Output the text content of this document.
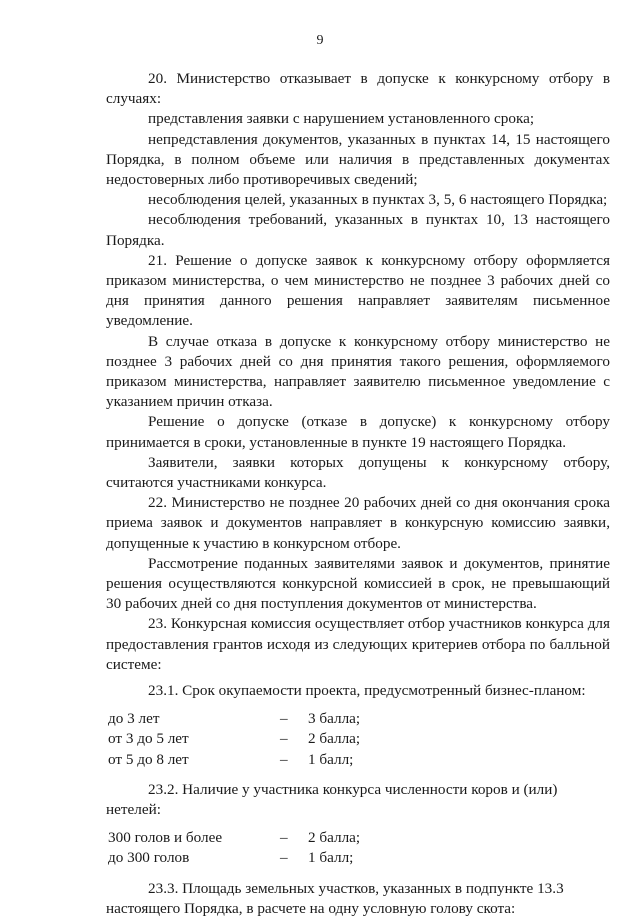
9

20. Министерство отказывает в допуске к конкурсному отбору в случаях:

представления заявки с нарушением установленного срока;

непредставления документов, указанных в пунктах 14, 15 настоящего Порядка, в полном объеме или наличия в представленных документах недостоверных либо противоречивых сведений;

несоблюдения целей, указанных в пунктах 3, 5, 6 настоящего Порядка;

несоблюдения требований, указанных в пунктах 10, 13 настоящего Порядка.

21. Решение о допуске заявок к конкурсному отбору оформляется приказом министерства, о чем министерство не позднее 3 рабочих дней со дня принятия данного решения направляет заявителям письменное уведомление.

В случае отказа в допуске к конкурсному отбору министерство не позднее 3 рабочих дней со дня принятия такого решения, оформляемого приказом министерства, направляет заявителю письменное уведомление с указанием причин отказа.

Решение о допуске (отказе в допуске) к конкурсному отбору принимается в сроки, установленные в пункте 19 настоящего Порядка.

Заявители, заявки которых допущены к конкурсному отбору, считаются участниками конкурса.

22. Министерство не позднее 20 рабочих дней со дня окончания срока приема заявок и документов направляет в конкурсную комиссию заявки, допущенные к участию в конкурсном отборе.

Рассмотрение поданных заявителями заявок и документов, принятие решения осуществляются конкурсной комиссией в срок, не превышающий 30 рабочих дней со дня поступления документов от министерства.

23. Конкурсная комиссия осуществляет отбор участников конкурса для предоставления грантов исходя из следующих критериев отбора по балльной системе:

23.1. Срок окупаемости проекта, предусмотренный бизнес-планом:

до 3 лет	–	3 балла;
от 3 до 5 лет	–	2 балла;
от 5 до 8 лет	–	1 балл;

23.2. Наличие у участника конкурса численности коров и (или) нетелей:

300 голов и более	–	2 балла;
до 300 голов	–	1 балл;

23.3. Площадь земельных участков, указанных в подпункте 13.3 настоящего Порядка, в расчете на одну условную голову скота:
